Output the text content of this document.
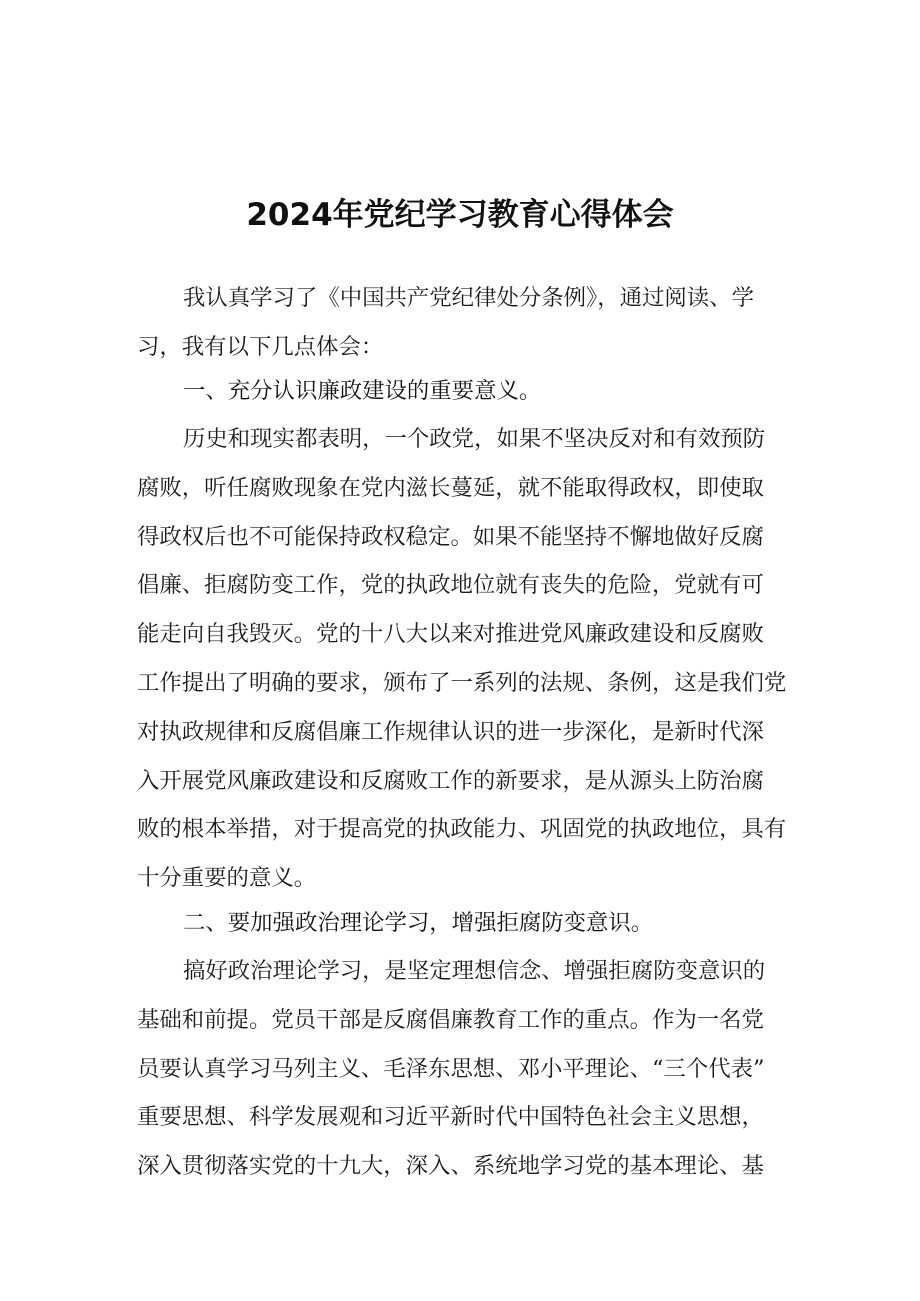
2024年党纪学习教育心得体会
我认真学习了《中国共产党纪律处分条例》，通过阅读、学
习，我有以下几点体会：
一、充分认识廉政建设的重要意义。
历史和现实都表明，一个政党，如果不坚决反对和有效预防
腐败，听任腐败现象在党内滋长蔓延，就不能取得政权，即使取
得政权后也不可能保持政权稳定。如果不能坚持不懈地做好反腐
倡廉、拒腐防变工作，党的执政地位就有丧失的危险，党就有可
能走向自我毁灭。党的十八大以来对推进党风廉政建设和反腐败
工作提出了明确的要求，颁布了一系列的法规、条例，这是我们党
对执政规律和反腐倡廉工作规律认识的进一步深化，是新时代深
入开展党风廉政建设和反腐败工作的新要求，是从源头上防治腐
败的根本举措，对于提高党的执政能力、巩固党的执政地位，具有
十分重要的意义。
二、要加强政治理论学习，增强拒腐防变意识。
搞好政治理论学习，是坚定理想信念、增强拒腐防变意识的
基础和前提。党员干部是反腐倡廉教育工作的重点。作为一名党
员要认真学习马列主义、毛泽东思想、邓小平理论、“三个代表”
重要思想、科学发展观和习近平新时代中国特色社会主义思想，
深入贯彻落实党的十九大，深入、系统地学习党的基本理论、基
